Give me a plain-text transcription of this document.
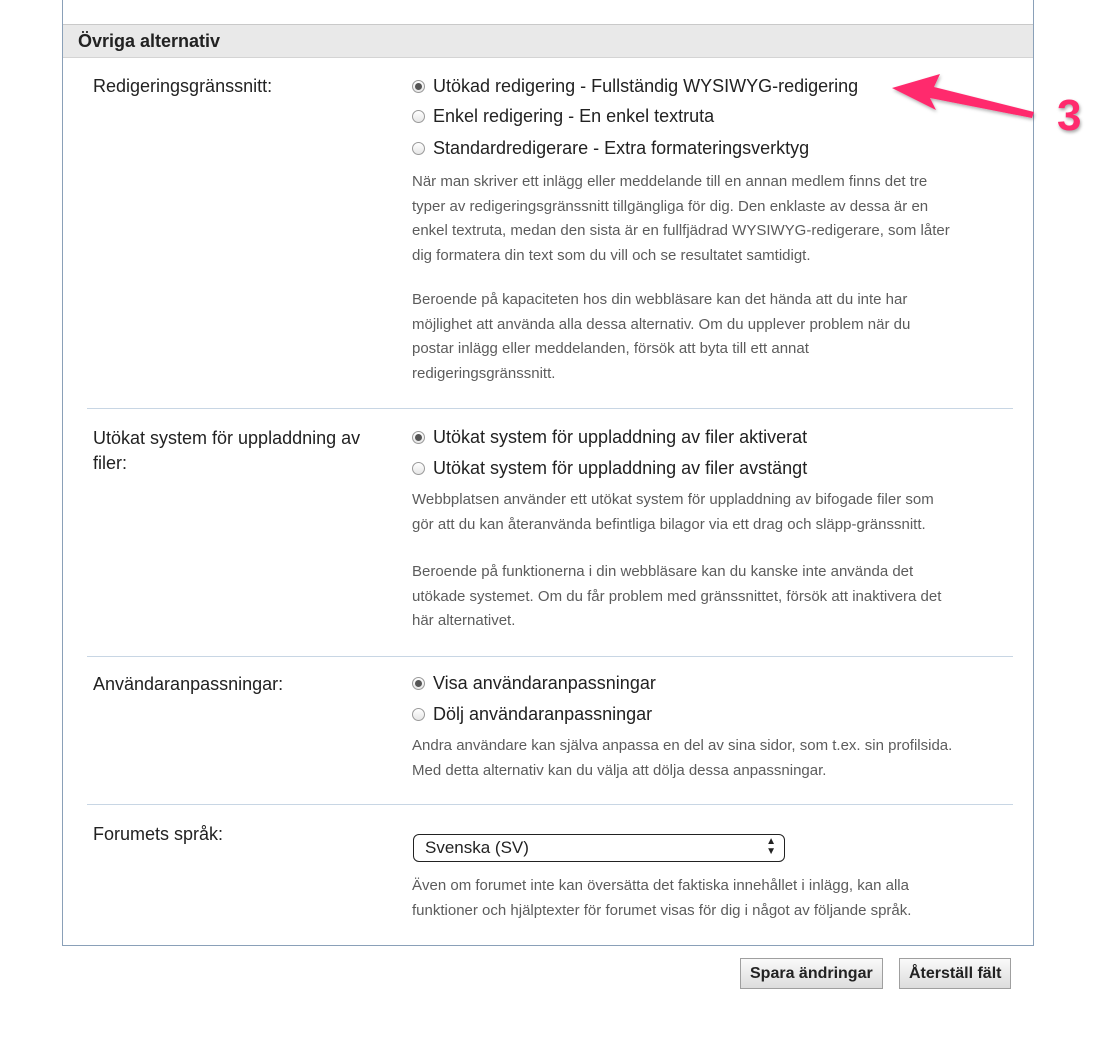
Övriga alternativ
Redigeringsgränssnitt:	Utökad redigering - Fullständig WYSIWYG-redigering
Enkel redigering - En enkel textruta
Standardredigerare - Extra formateringsverktyg
När man skriver ett inlägg eller meddelande till en annan medlem finns det tre
typer av redigeringsgränssnitt tillgängliga för dig. Den enklaste av dessa är en
enkel textruta, medan den sista är en fullfjädrad WYSIWYG-redigerare, som låter
dig formatera din text som du vill och se resultatet samtidigt.
Beroende på kapaciteten hos din webbläsare kan det hända att du inte har
möjlighet att använda alla dessa alternativ. Om du upplever problem när du
postar inlägg eller meddelanden, försök att byta till ett annat
redigeringsgränssnitt.
Utökat system för uppladdning av
filer:
Utökat system för uppladdning av filer aktiverat
Utökat system för uppladdning av filer avstängt
Webbplatsen använder ett utökat system för uppladdning av bifogade filer som
gör att du kan återanvända befintliga bilagor via ett drag och släpp-gränssnitt.
Beroende på funktionerna i din webbläsare kan du kanske inte använda det
utökade systemet. Om du får problem med gränssnittet, försök att inaktivera det
här alternativet.
Användaranpassningar:	Visa användaranpassningar
Dölj användaranpassningar
Andra användare kan själva anpassa en del av sina sidor, som t.ex. sin profilsida.
Med detta alternativ kan du välja att dölja dessa anpassningar.
Forumets språk:
Svenska (SV)	▲
▼
Även om forumet inte kan översätta det faktiska innehållet i inlägg, kan alla
funktioner och hjälptexter för forumet visas för dig i något av följande språk.
Spara ändringar	Återställ fält
3
